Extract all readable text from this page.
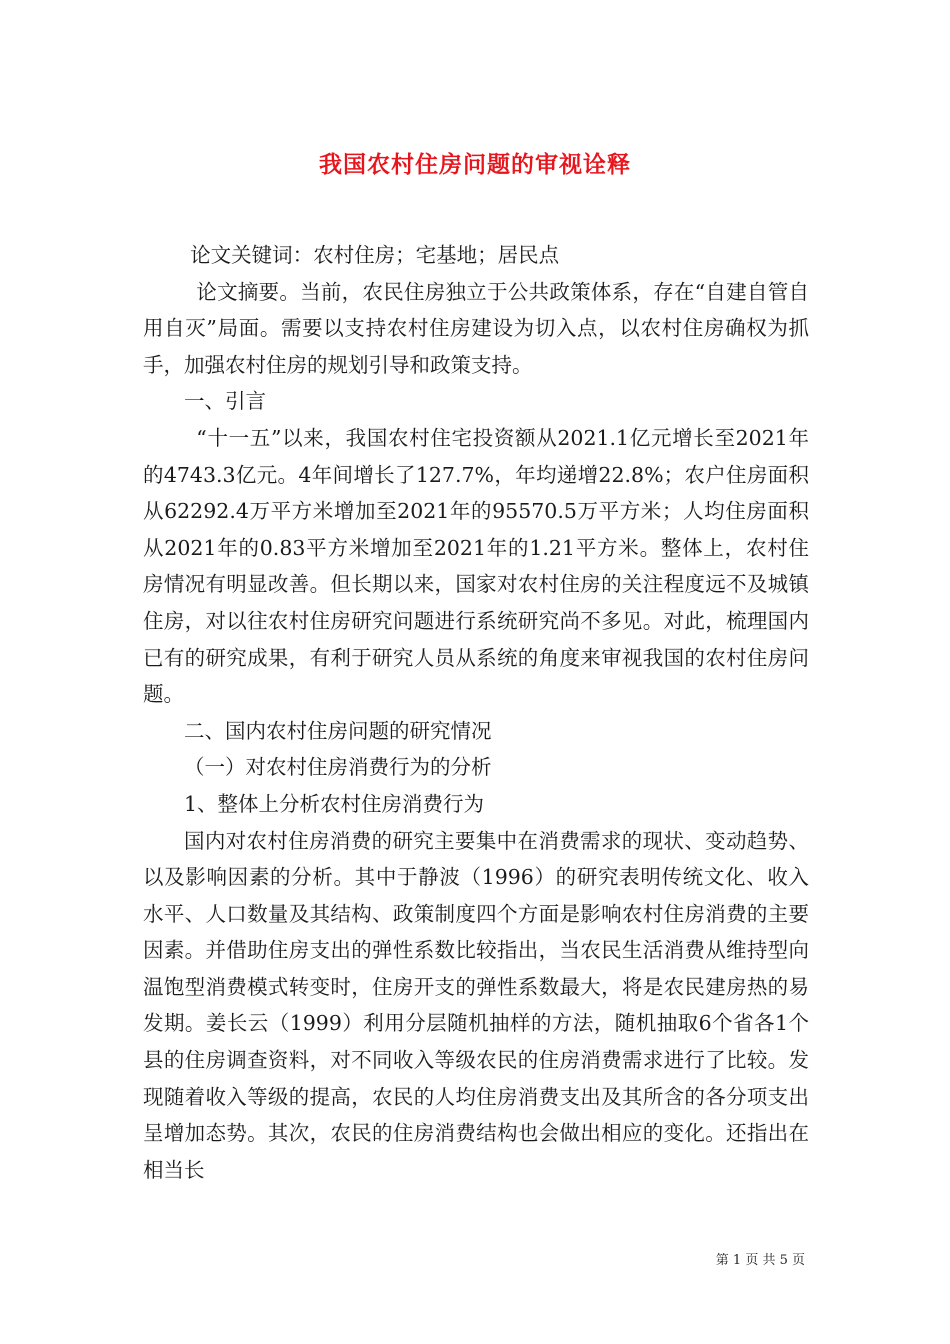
我国农村住房问题的审视诠释

论文关键词：农村住房；宅基地；居民点

论文摘要。当前，农民住房独立于公共政策体系，存在“自建自管自用自灭”局面。需要以支持农村住房建设为切入点，以农村住房确权为抓手，加强农村住房的规划引导和政策支持。

一、引言

“十一五”以来，我国农村住宅投资额从2021.1亿元增长至2021年的4743.3亿元。4年间增长了127.7%，年均递增22.8%；农户住房面积从62292.4万平方米增加至2021年的95570.5万平方米；人均住房面积从2021年的0.83平方米增加至2021年的1.21平方米。整体上，农村住房情况有明显改善。但长期以来，国家对农村住房的关注程度远不及城镇住房，对以往农村住房研究问题进行系统研究尚不多见。对此，梳理国内已有的研究成果，有利于研究人员从系统的角度来审视我国的农村住房问题。

二、国内农村住房问题的研究情况

（一）对农村住房消费行为的分析

1、整体上分析农村住房消费行为

国内对农村住房消费的研究主要集中在消费需求的现状、变动趋势、以及影响因素的分析。其中于静波（1996）的研究表明传统文化、收入水平、人口数量及其结构、政策制度四个方面是影响农村住房消费的主要因素。并借助住房支出的弹性系数比较指出，当农民生活消费从维持型向温饱型消费模式转变时，住房开支的弹性系数最大，将是农民建房热的易发期。姜长云（1999）利用分层随机抽样的方法，随机抽取6个省各1个县的住房调查资料，对不同收入等级农民的住房消费需求进行了比较。发现随着收入等级的提高，农民的人均住房消费支出及其所含的各分项支出呈增加态势。其次，农民的住房消费结构也会做出相应的变化。还指出在相当长

第 1 页 共 5 页
